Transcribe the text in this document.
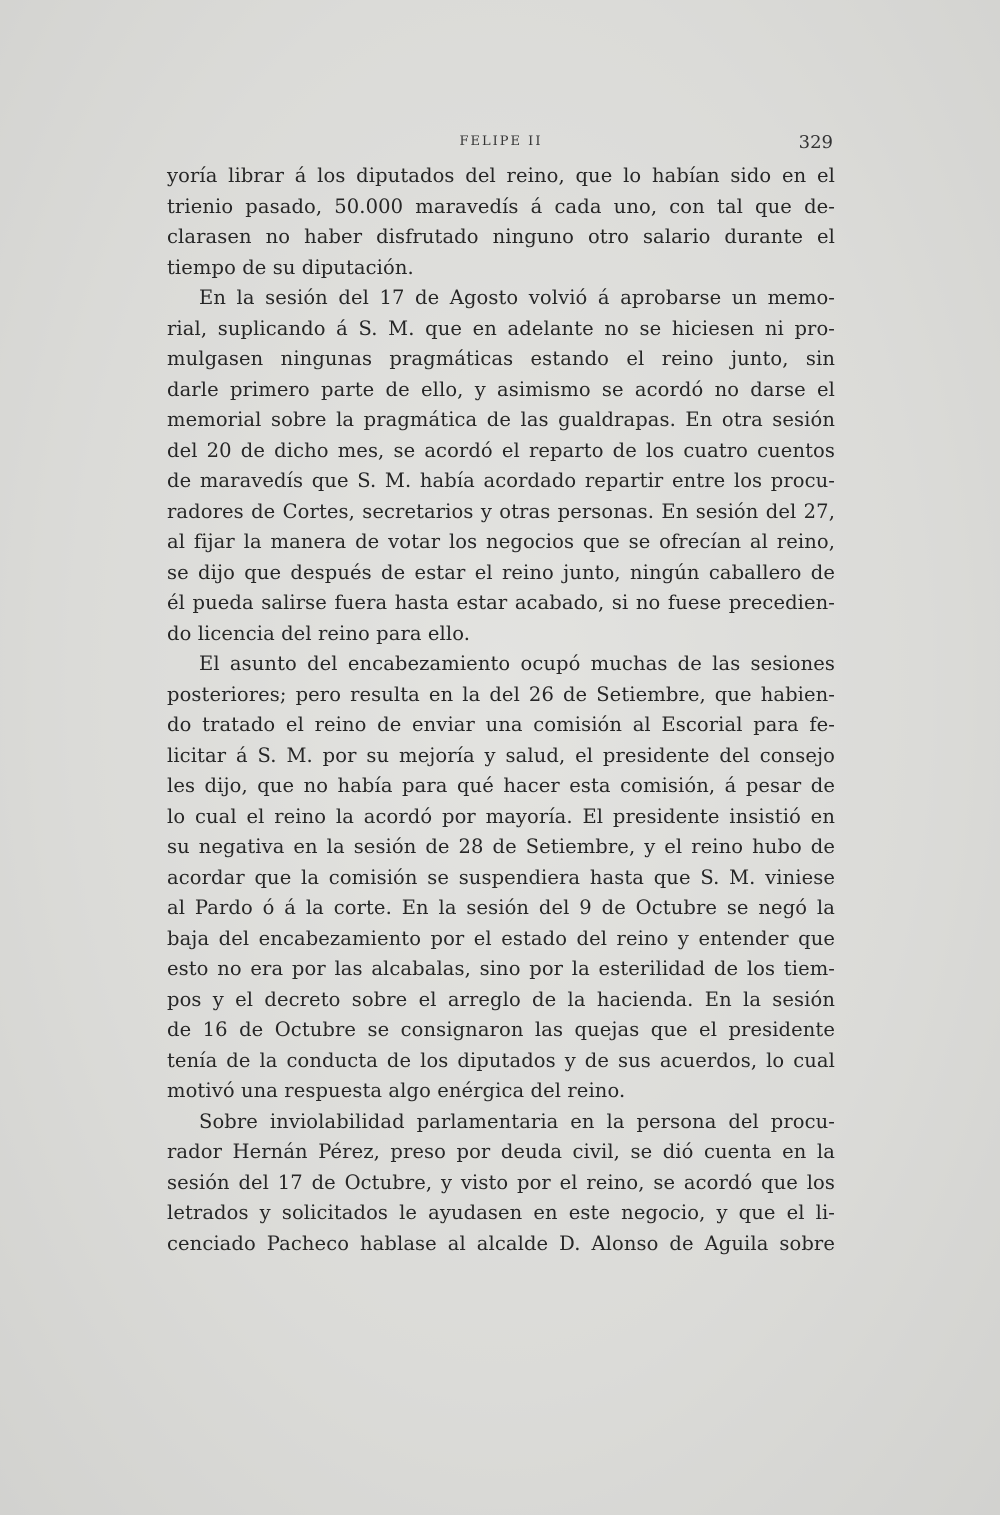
FELIPE II	329
yoría librar á los diputados del reino, que lo habían sido en el
trienio pasado, 50.000 maravedís á cada uno, con tal que de-
clarasen no haber disfrutado ninguno otro salario durante el
tiempo de su diputación.
En la sesión del 17 de Agosto volvió á aprobarse un memo-
rial, suplicando á S. M. que en adelante no se hiciesen ni pro-
mulgasen ningunas pragmáticas estando el reino junto, sin
darle primero parte de ello, y asimismo se acordó no darse el
memorial sobre la pragmática de las gualdrapas. En otra sesión
del 20 de dicho mes, se acordó el reparto de los cuatro cuentos
de maravedís que S. M. había acordado repartir entre los procu-
radores de Cortes, secretarios y otras personas. En sesión del 27,
al fijar la manera de votar los negocios que se ofrecían al reino,
se dijo que después de estar el reino junto, ningún caballero de
él pueda salirse fuera hasta estar acabado, si no fuese precedien-
do licencia del reino para ello.
El asunto del encabezamiento ocupó muchas de las sesiones
posteriores; pero resulta en la del 26 de Setiembre, que habien-
do tratado el reino de enviar una comisión al Escorial para fe-
licitar á S. M. por su mejoría y salud, el presidente del consejo
les dijo, que no había para qué hacer esta comisión, á pesar de
lo cual el reino la acordó por mayoría. El presidente insistió en
su negativa en la sesión de 28 de Setiembre, y el reino hubo de
acordar que la comisión se suspendiera hasta que S. M. viniese
al Pardo ó á la corte. En la sesión del 9 de Octubre se negó la
baja del encabezamiento por el estado del reino y entender que
esto no era por las alcabalas, sino por la esterilidad de los tiem-
pos y el decreto sobre el arreglo de la hacienda. En la sesión
de 16 de Octubre se consignaron las quejas que el presidente
tenía de la conducta de los diputados y de sus acuerdos, lo cual
motivó una respuesta algo enérgica del reino.
Sobre inviolabilidad parlamentaria en la persona del procu-
rador Hernán Pérez, preso por deuda civil, se dió cuenta en la
sesión del 17 de Octubre, y visto por el reino, se acordó que los
letrados y solicitados le ayudasen en este negocio, y que el li-
cenciado Pacheco hablase al alcalde D. Alonso de Aguila sobre
